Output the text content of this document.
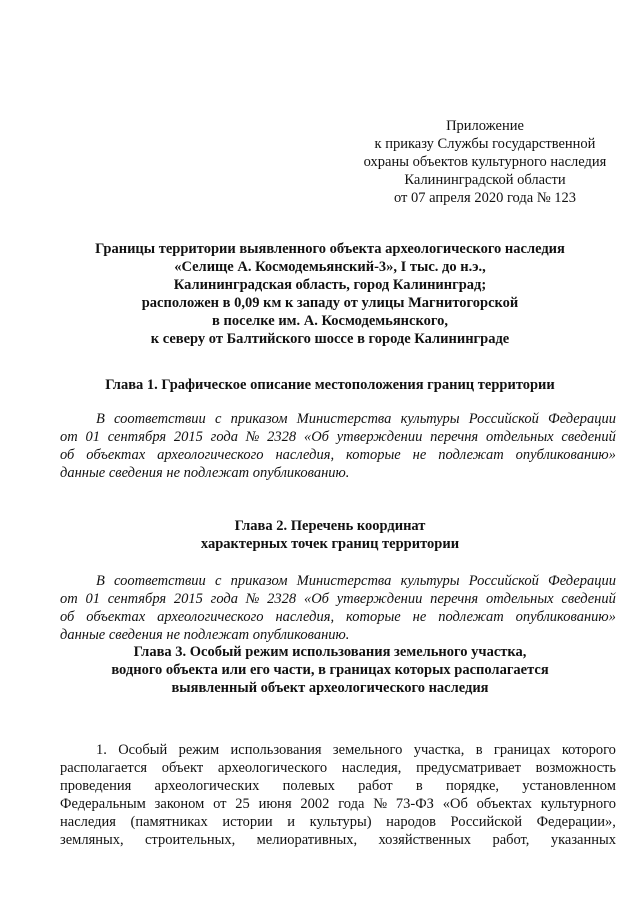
Приложение
к приказу Службы государственной
охраны объектов культурного наследия
Калининградской области
от 07 апреля 2020 года № 123
Границы территории выявленного объекта археологического наследия
«Селище А. Космодемьянский-3», I тыс. до н.э.,
Калининградская область, город Калининград;
расположен в 0,09 км к западу от улицы Магнитогорской
в поселке им. А. Космодемьянского,
к северу от Балтийского шоссе в городе Калининграде
Глава 1. Графическое описание местоположения границ территории
В соответствии с приказом Министерства культуры Российской Федерации
от 01 сентября 2015 года № 2328 «Об утверждении перечня отдельных сведений
об объектах археологического наследия, которые не подлежат опубликованию»
данные сведения не подлежат опубликованию.
Глава 2. Перечень координат
характерных точек границ территории
В соответствии с приказом Министерства культуры Российской Федерации
от 01 сентября 2015 года № 2328 «Об утверждении перечня отдельных сведений
об объектах археологического наследия, которые не подлежат опубликованию»
данные сведения не подлежат опубликованию.
Глава 3. Особый режим использования земельного участка,
водного объекта или его части, в границах которых располагается
выявленный объект археологического наследия
1. Особый режим использования земельного участка, в границах которого
располагается объект археологического наследия, предусматривает возможность
проведения археологических полевых работ в порядке, установленном
Федеральным законом от 25 июня 2002 года № 73-ФЗ «Об объектах культурного
наследия (памятниках истории и культуры) народов Российской Федерации»,
земляных, строительных, мелиоративных, хозяйственных работ, указанных
